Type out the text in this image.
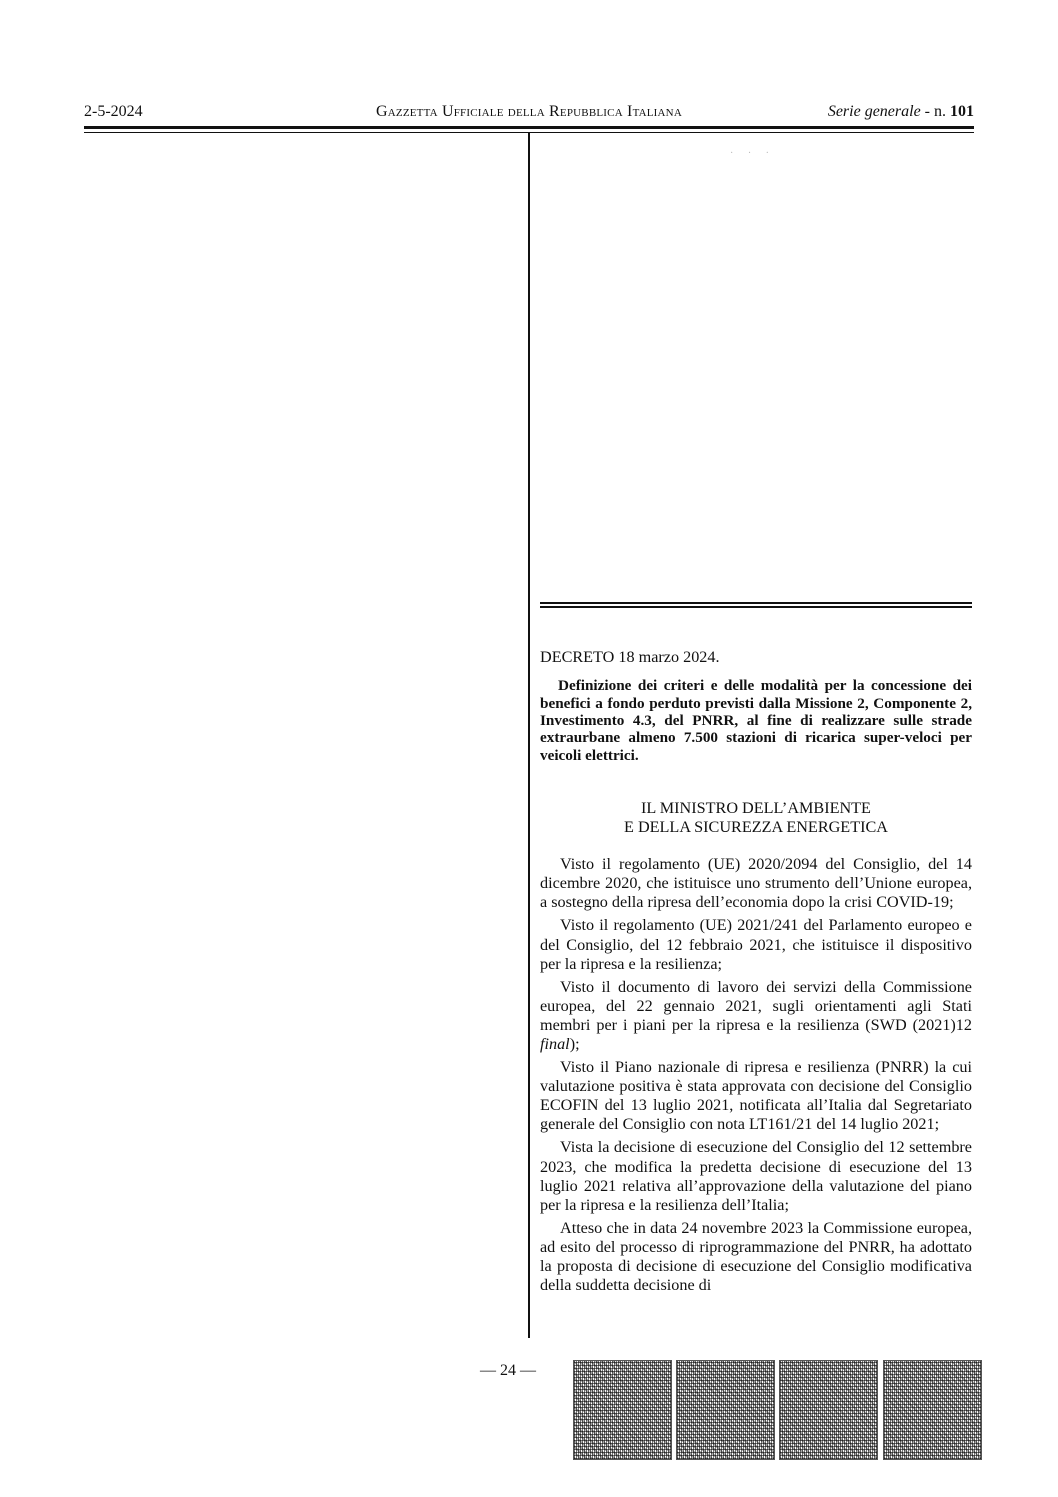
2-5-2024	Gazzetta Ufficiale della Repubblica Italiana	Serie generale - n. 101
· · ·

DECRETO 18 marzo 2024.

Definizione dei criteri e delle modalità per la concessione dei benefici a fondo perduto previsti dalla Missione 2, Componente 2, Investimento 4.3, del PNRR, al fine di realizzare sulle strade extraurbane almeno 7.500 stazioni di ricarica super-veloci per veicoli elettrici.

IL MINISTRO DELL’AMBIENTE
E DELLA SICUREZZA ENERGETICA

Visto il regolamento (UE) 2020/2094 del Consiglio, del 14 dicembre 2020, che istituisce uno strumento dell’Unione europea, a sostegno della ripresa dell’economia dopo la crisi COVID-19;

Visto il regolamento (UE) 2021/241 del Parlamento europeo e del Consiglio, del 12 febbraio 2021, che istituisce il dispositivo per la ripresa e la resilienza;

Visto il documento di lavoro dei servizi della Commissione europea, del 22 gennaio 2021, sugli orientamenti agli Stati membri per i piani per la ripresa e la resilienza (SWD (2021)12 final);

Visto il Piano nazionale di ripresa e resilienza (PNRR) la cui valutazione positiva è stata approvata con decisione del Consiglio ECOFIN del 13 luglio 2021, notificata all’Italia dal Segretariato generale del Consiglio con nota LT161/21 del 14 luglio 2021;

Vista la decisione di esecuzione del Consiglio del 12 settembre 2023, che modifica la predetta decisione di esecuzione del 13 luglio 2021 relativa all’approvazione della valutazione del piano per la ripresa e la resilienza dell’Italia;

Atteso che in data 24 novembre 2023 la Commissione europea, ad esito del processo di riprogrammazione del PNRR, ha adottato la proposta di decisione di esecuzione del Consiglio modificativa della suddetta decisione di

— 24 —
